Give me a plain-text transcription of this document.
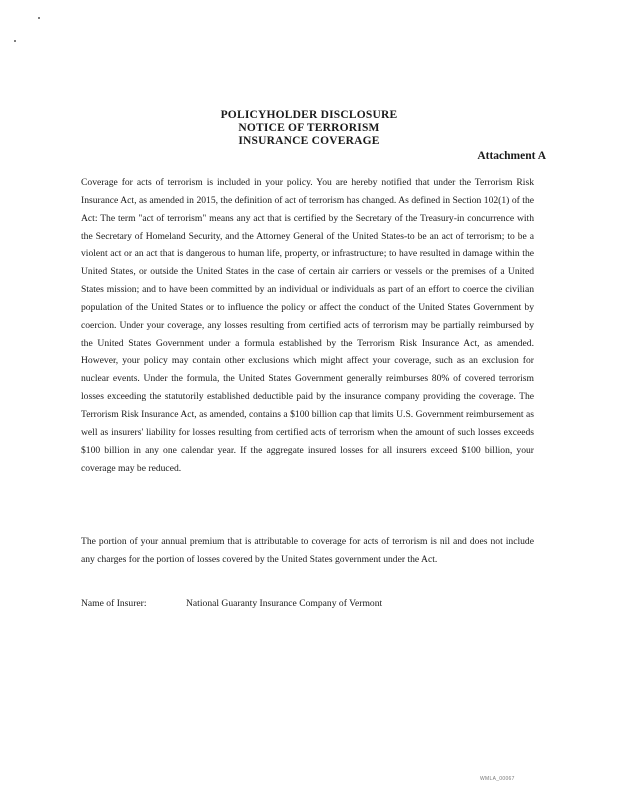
POLICYHOLDER DISCLOSURE
NOTICE OF TERRORISM
INSURANCE COVERAGE
Attachment A

Coverage for acts of terrorism is included in your policy. You are hereby notified that under the Terrorism Risk Insurance Act, as amended in 2015, the definition of act of terrorism has changed. As defined in Section 102(1) of the Act: The term "act of terrorism" means any act that is certified by the Secretary of the Treasury-in concurrence with the Secretary of Homeland Security, and the Attorney General of the United States-to be an act of terrorism; to be a violent act or an act that is dangerous to human life, property, or infrastructure; to have resulted in damage within the United States, or outside the United States in the case of certain air carriers or vessels or the premises of a United States mission; and to have been committed by an individual or individuals as part of an effort to coerce the civilian population of the United States or to influence the policy or affect the conduct of the United States Government by coercion. Under your coverage, any losses resulting from certified acts of terrorism may be partially reimbursed by the United States Government under a formula established by the Terrorism Risk Insurance Act, as amended. However, your policy may contain other exclusions which might affect your coverage, such as an exclusion for nuclear events. Under the formula, the United States Government generally reimburses 80% of covered terrorism losses exceeding the statutorily established deductible paid by the insurance company providing the coverage. The Terrorism Risk Insurance Act, as amended, contains a $100 billion cap that limits U.S. Government reimbursement as well as insurers' liability for losses resulting from certified acts of terrorism when the amount of such losses exceeds $100 billion in any one calendar year. If the aggregate insured losses for all insurers exceed $100 billion, your coverage may be reduced.

The portion of your annual premium that is attributable to coverage for acts of terrorism is nil and does not include any charges for the portion of losses covered by the United States government under the Act.

Name of Insurer:	National Guaranty Insurance Company of Vermont
WMLA_00067
